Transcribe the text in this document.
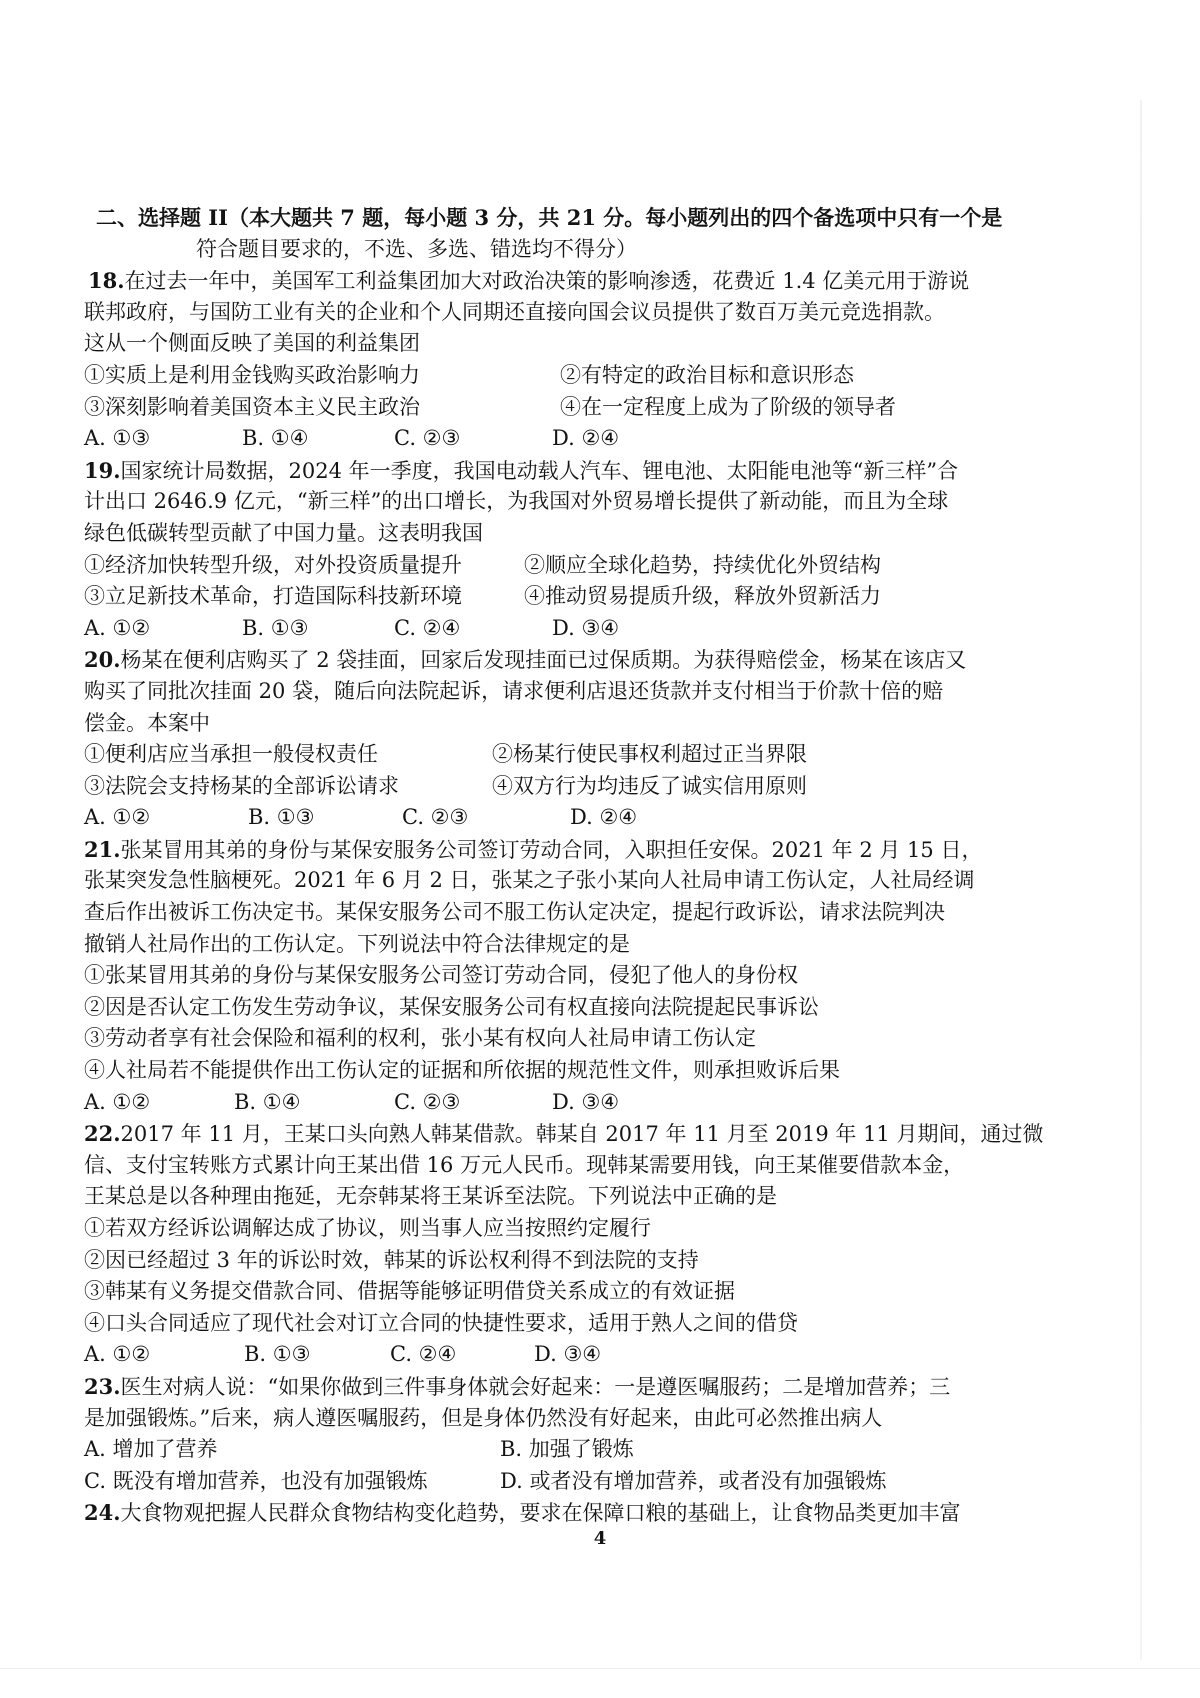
二、选择题 II（本大题共 7 题，每小题 3 分，共 21 分。每小题列出的四个备选项中只有一个是
符合题目要求的，不选、多选、错选均不得分）
18.在过去一年中，美国军工利益集团加大对政治决策的影响渗透，花费近 1.4 亿美元用于游说
联邦政府，与国防工业有关的企业和个人同期还直接向国会议员提供了数百万美元竞选捐款。
这从一个侧面反映了美国的利益集团
①实质上是利用金钱购买政治影响力	②有特定的政治目标和意识形态
③深刻影响着美国资本主义民主政治	④在一定程度上成为了阶级的领导者
A. ①③	B. ①④	C. ②③	D. ②④
19.国家统计局数据，2024 年一季度，我国电动载人汽车、锂电池、太阳能电池等“新三样”合
计出口 2646.9 亿元，“新三样”的出口增长，为我国对外贸易增长提供了新动能，而且为全球
绿色低碳转型贡献了中国力量。这表明我国
①经济加快转型升级，对外投资质量提升	②顺应全球化趋势，持续优化外贸结构
③立足新技术革命，打造国际科技新环境	④推动贸易提质升级，释放外贸新活力
A. ①②	B. ①③	C. ②④	D. ③④
20.杨某在便利店购买了 2 袋挂面，回家后发现挂面已过保质期。为获得赔偿金，杨某在该店又
购买了同批次挂面 20 袋，随后向法院起诉，请求便利店退还货款并支付相当于价款十倍的赔
偿金。本案中
①便利店应当承担一般侵权责任	②杨某行使民事权利超过正当界限
③法院会支持杨某的全部诉讼请求	④双方行为均违反了诚实信用原则
A. ①②	B. ①③	C. ②③	D. ②④
21.张某冒用其弟的身份与某保安服务公司签订劳动合同，入职担任安保。2021 年 2 月 15 日，
张某突发急性脑梗死。2021 年 6 月 2 日，张某之子张小某向人社局申请工伤认定，人社局经调
查后作出被诉工伤决定书。某保安服务公司不服工伤认定决定，提起行政诉讼，请求法院判决
撤销人社局作出的工伤认定。下列说法中符合法律规定的是
①张某冒用其弟的身份与某保安服务公司签订劳动合同，侵犯了他人的身份权
②因是否认定工伤发生劳动争议，某保安服务公司有权直接向法院提起民事诉讼
③劳动者享有社会保险和福利的权利，张小某有权向人社局申请工伤认定
④人社局若不能提供作出工伤认定的证据和所依据的规范性文件，则承担败诉后果
A. ①②	B. ①④	C. ②③	D. ③④
22.2017 年 11 月，王某口头向熟人韩某借款。韩某自 2017 年 11 月至 2019 年 11 月期间，通过微
信、支付宝转账方式累计向王某出借 16 万元人民币。现韩某需要用钱，向王某催要借款本金，
王某总是以各种理由拖延，无奈韩某将王某诉至法院。下列说法中正确的是
①若双方经诉讼调解达成了协议，则当事人应当按照约定履行
②因已经超过 3 年的诉讼时效，韩某的诉讼权利得不到法院的支持
③韩某有义务提交借款合同、借据等能够证明借贷关系成立的有效证据
④口头合同适应了现代社会对订立合同的快捷性要求，适用于熟人之间的借贷
A. ①②	B. ①③	C. ②④	D. ③④
23.医生对病人说：“如果你做到三件事身体就会好起来：一是遵医嘱服药；二是增加营养；三
是加强锻炼。”后来，病人遵医嘱服药，但是身体仍然没有好起来，由此可必然推出病人
A. 增加了营养	B. 加强了锻炼
C. 既没有增加营养，也没有加强锻炼	D. 或者没有增加营养，或者没有加强锻炼
24.大食物观把握人民群众食物结构变化趋势，要求在保障口粮的基础上，让食物品类更加丰富
4
